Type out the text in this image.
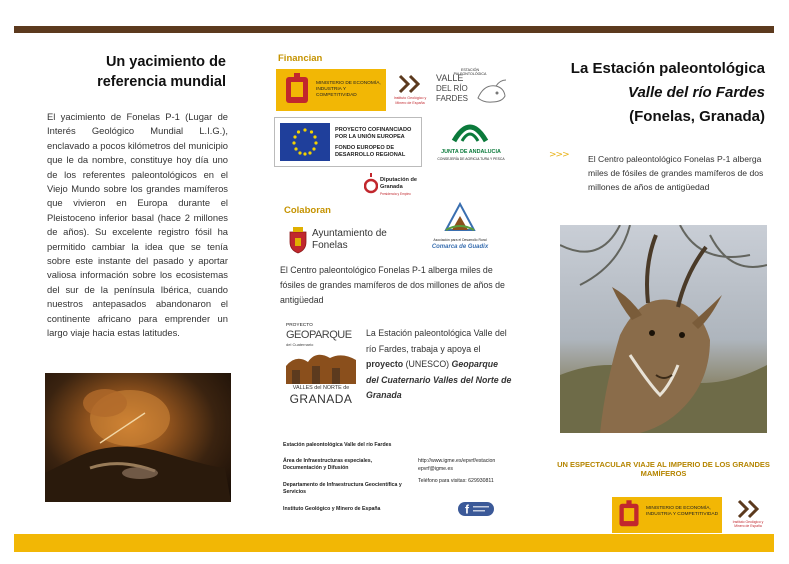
Un yacimiento de referencia mundial
El yacimiento de Fonelas P-1 (Lugar de Interés Geológico Mundial L.I.G.), enclavado a pocos kilómetros del municipio que le da nombre, constituye hoy día uno de los referentes paleontológicos en el Viejo Mundo sobre los grandes mamíferos que vivieron en Europa durante el Pleistoceno inferior basal (hace 2 millones de años). Su excelente registro fósil ha permitido cambiar la idea que se tenía sobre este instante del pasado y aportar valiosa información sobre los ecosistemas del sur de la península Ibérica, cuando nuestros antepasados abandonaron el continente africano para emprender un largo viaje hacia estas latitudes.
Financian
MINISTERIO DE ECONOMÍA, INDUSTRIA Y COMPETITIVIDAD	Instituto Geológico y Minero de España
ESTACIÓN PALEONTOLÓGICA
VALLE
DEL RÍO
FARDES
PROYECTO COFINANCIADO POR LA UNIÓN EUROPEA
FONDO EUROPEO DE DESARROLLO REGIONAL	JUNTA DE ANDALUCIA
CONSEJERÍA DE AGRICULTURA Y PESCA
Diputación de Granada
Presidencia y Empleo
Colaboran
Ayuntamiento de Fonelas	Asociación para el Desarrollo Rural
Comarca de Guadix
El Centro paleontológico Fonelas P-1 alberga miles de fósiles de grandes mamíferos de dos millones de años de antigüedad
PROYECTO
GEOPARQUE
del Cuaternario
VALLES del NORTE de
GRANADA
La Estación paleontológica Valle del río Fardes, trabaja y apoya el proyecto (UNESCO) Geoparque del Cuaternario Valles del Norte de Granada
Estación paleontológica Valle del río Fardes
Área de Infraestructuras especiales, Documentación y Difusión
Departamento de Infraestructura Geocientífica y Servicios
Instituto Geológico y Minero de España
http://www.igme.es/epvrf/estacion
epvrf@igme.es
Teléfono para visitas: 629930811
f
La Estación paleontológica Valle del río Fardes
(Fonelas, Granada)
>>> El Centro paleontológico Fonelas P-1 alberga miles de fósiles de grandes mamíferos de dos millones de años de antigüedad
UN ESPECTACULAR VIAJE AL IMPERIO DE LOS GRANDES MAMÍFEROS
MINISTERIO DE ECONOMÍA, INDUSTRIA Y COMPETITIVIDAD
Instituto Geológico y Minero de España
